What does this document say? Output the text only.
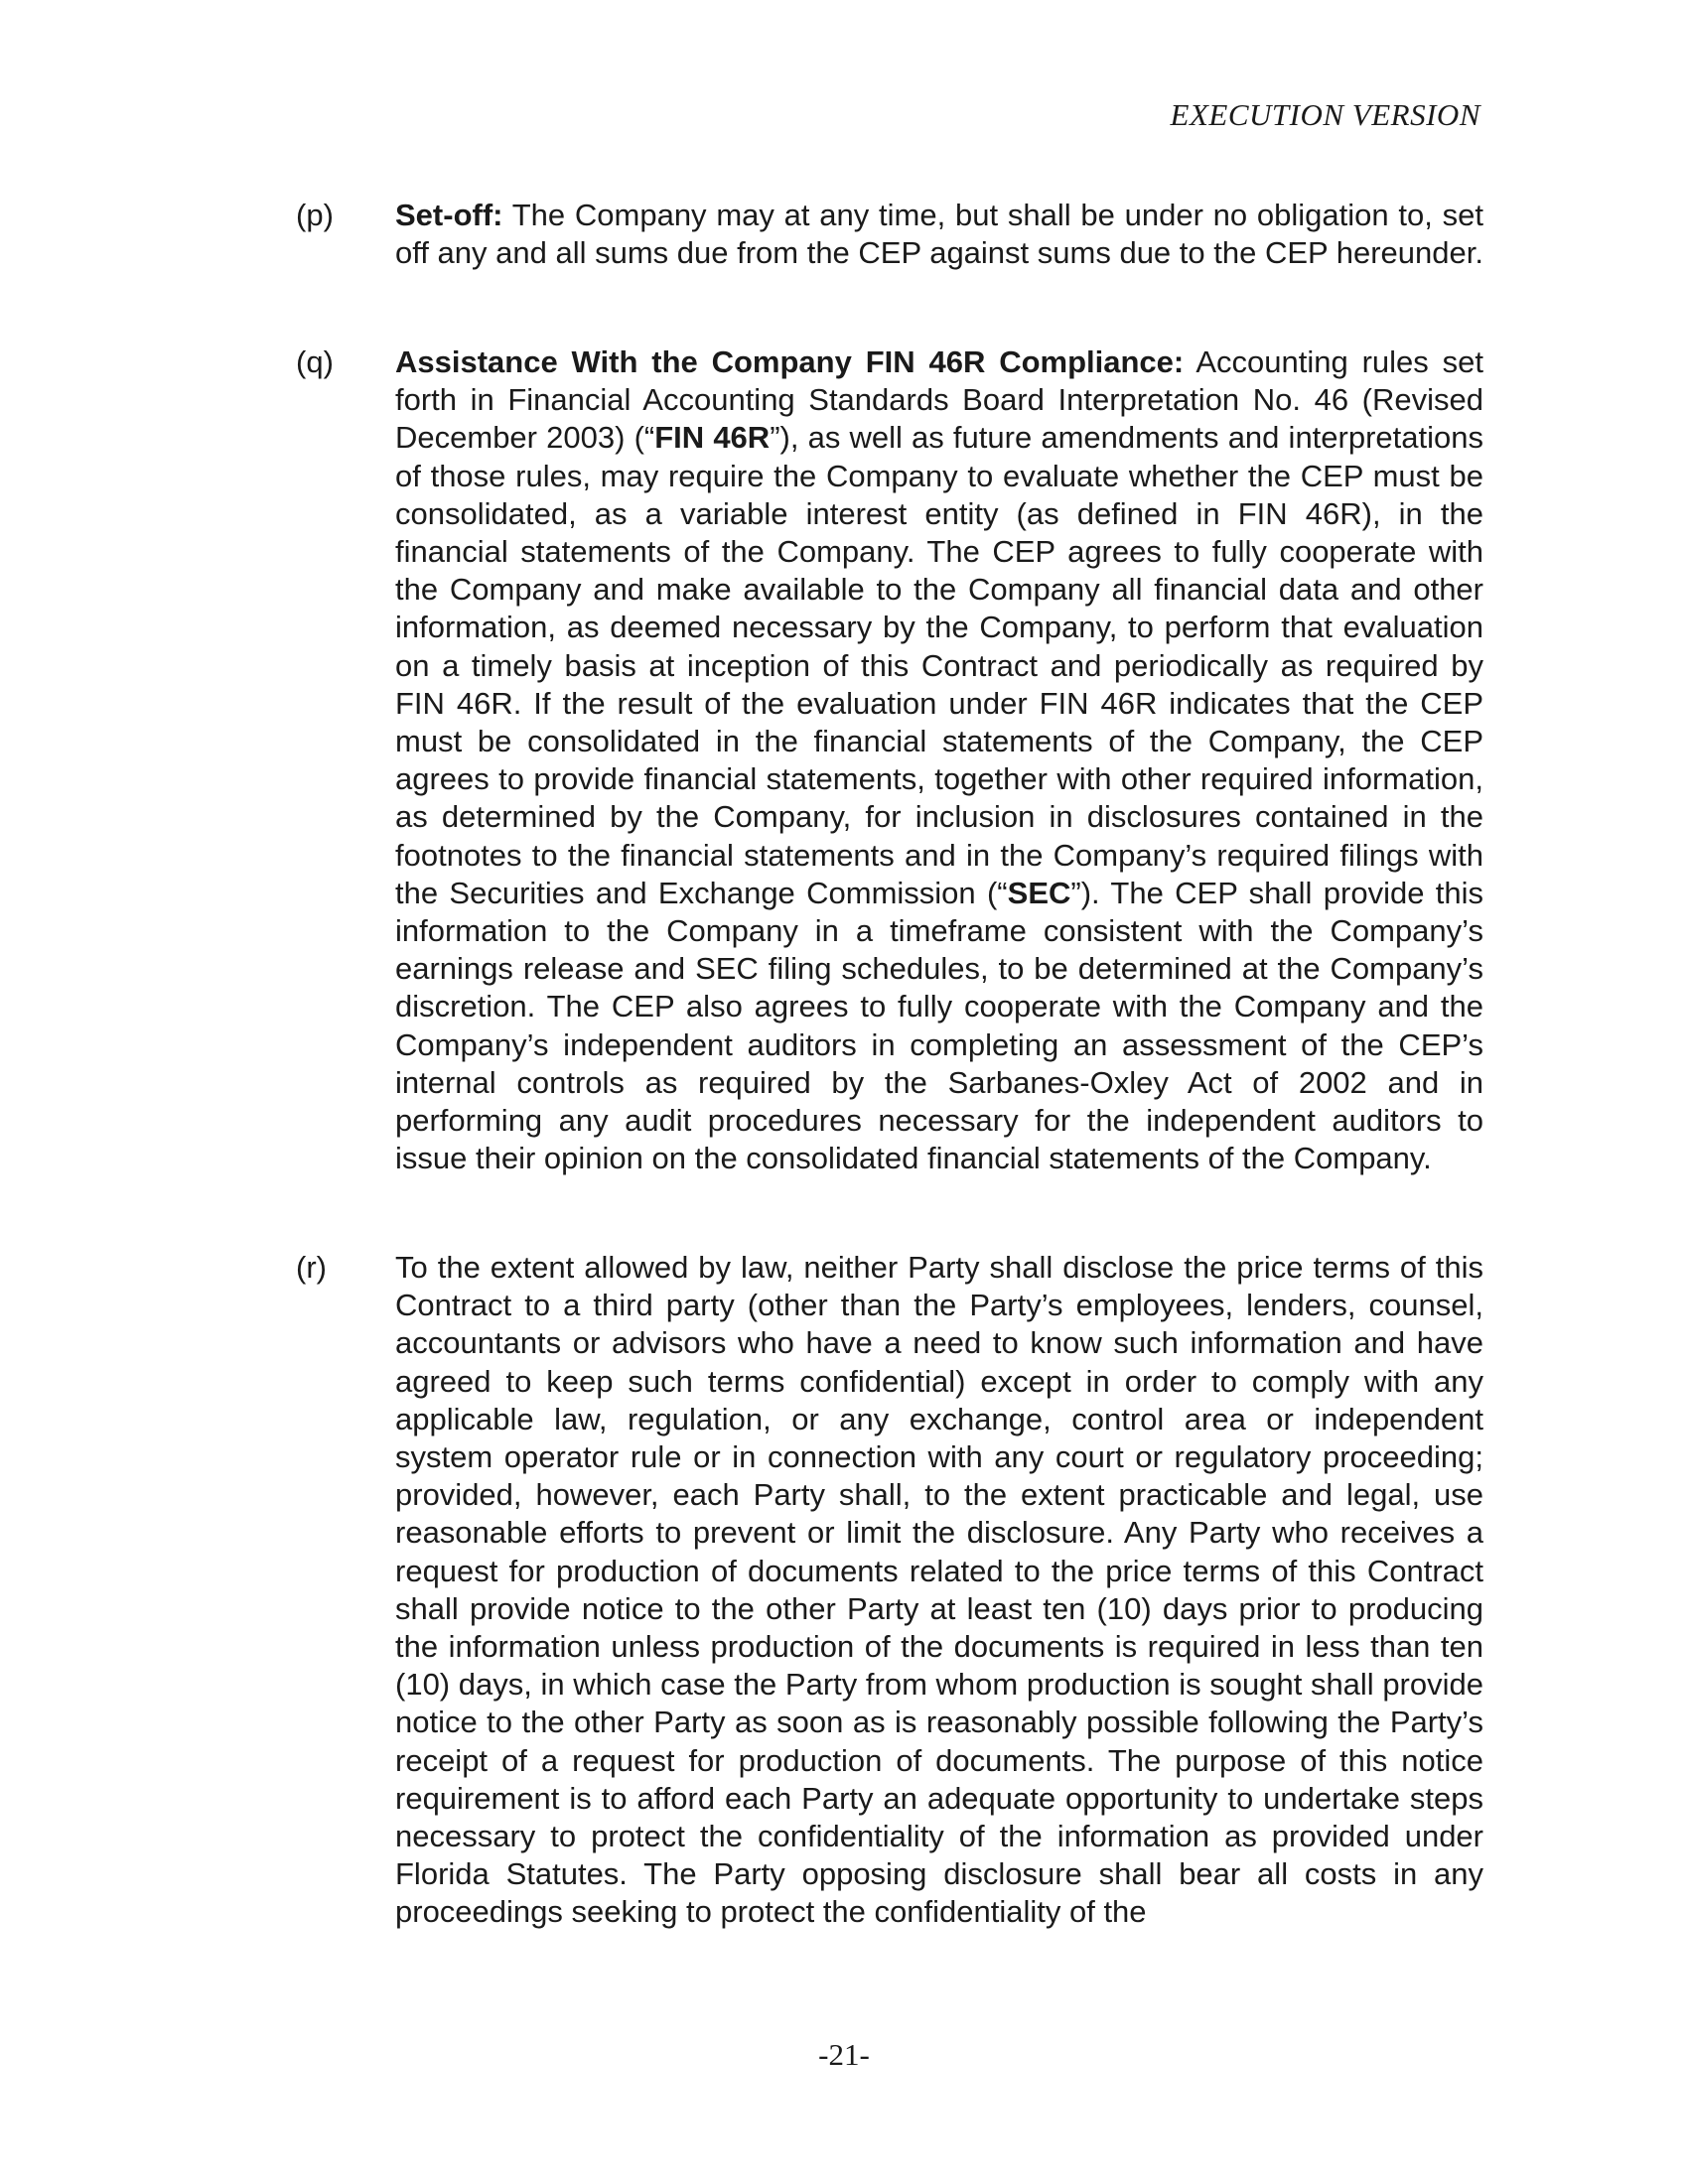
EXECUTION VERSION
(p) Set-off: The Company may at any time, but shall be under no obligation to, set off any and all sums due from the CEP against sums due to the CEP hereunder.
(q) Assistance With the Company FIN 46R Compliance: Accounting rules set forth in Financial Accounting Standards Board Interpretation No. 46 (Revised December 2003) (“FIN 46R”), as well as future amendments and interpretations of those rules, may require the Company to evaluate whether the CEP must be consolidated, as a variable interest entity (as defined in FIN 46R), in the financial statements of the Company. The CEP agrees to fully cooperate with the Company and make available to the Company all financial data and other information, as deemed necessary by the Company, to perform that evaluation on a timely basis at inception of this Contract and periodically as required by FIN 46R. If the result of the evaluation under FIN 46R indicates that the CEP must be consolidated in the financial statements of the Company, the CEP agrees to provide financial statements, together with other required information, as determined by the Company, for inclusion in disclosures contained in the footnotes to the financial statements and in the Company’s required filings with the Securities and Exchange Commission (“SEC”). The CEP shall provide this information to the Company in a timeframe consistent with the Company’s earnings release and SEC filing schedules, to be determined at the Company’s discretion. The CEP also agrees to fully cooperate with the Company and the Company’s independent auditors in completing an assessment of the CEP’s internal controls as required by the Sarbanes-Oxley Act of 2002 and in performing any audit procedures necessary for the independent auditors to issue their opinion on the consolidated financial statements of the Company.
(r) To the extent allowed by law, neither Party shall disclose the price terms of this Contract to a third party (other than the Party’s employees, lenders, counsel, accountants or advisors who have a need to know such information and have agreed to keep such terms confidential) except in order to comply with any applicable law, regulation, or any exchange, control area or independent system operator rule or in connection with any court or regulatory proceeding; provided, however, each Party shall, to the extent practicable and legal, use reasonable efforts to prevent or limit the disclosure. Any Party who receives a request for production of documents related to the price terms of this Contract shall provide notice to the other Party at least ten (10) days prior to producing the information unless production of the documents is required in less than ten (10) days, in which case the Party from whom production is sought shall provide notice to the other Party as soon as is reasonably possible following the Party’s receipt of a request for production of documents. The purpose of this notice requirement is to afford each Party an adequate opportunity to undertake steps necessary to protect the confidentiality of the information as provided under Florida Statutes. The Party opposing disclosure shall bear all costs in any proceedings seeking to protect the confidentiality of the
-21-
